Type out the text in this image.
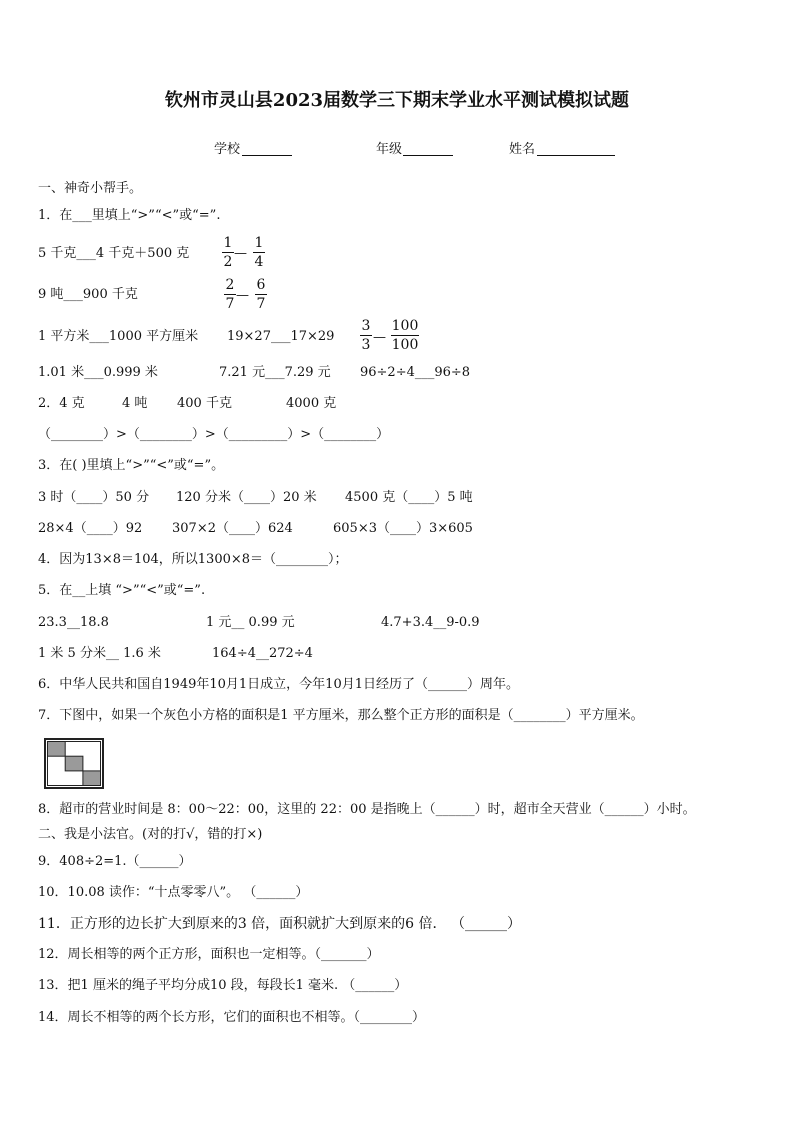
钦州市灵山县2023届数学三下期末学业水平测试模拟试题
学校	年级	姓名
一、神奇小帮手。
1．在___里填上“>”“<”或“=”.
5 千克___4 千克＋500 克
1
2
—
1
4
9 吨___900 千克
2
7
—
6
7
1 平方米___1000 平方厘米 19×27___17×29
3
3 —
100
100
1.01 米___0.999 米	7.21 元___7.29 元 96÷2÷4___96÷8
2．4 克	4 吨 400 千克	4000 克
（________）>（________）>（_________）>（________）
3．在( )里填上“>”“<”或“=”。
3 时（____）50 分 120 分米（____）20 米 4500 克（____）5 吨
28×4（____）92 307×2（____）624	605×3（____）3×605
4．因为13×8＝104，所以1300×8＝（________）；
5．在__上填 “>”“<”或“=”.
23.3__18.8	1 元__ 0.99 元	4.7+3.4__9-0.9
1 米 5 分米__ 1.6 米	164÷4__272÷4
6．中华人民共和国自1949年10月1日成立，今年10月1日经历了（______）周年。
7．下图中，如果一个灰色小方格的面积是1 平方厘米，那么整个正方形的面积是（________）平方厘米。
8．超市的营业时间是 8：00～22：00，这里的 22：00 是指晚上（______）时，超市全天营业（______）小时。
二、我是小法官。(对的打√，错的打×)
9．408÷2=1.（______）
10．10.08 读作：“十点零零八”。 （______）
11．正方形的边长扩大到原来的3 倍，面积就扩大到原来的6 倍． （______）
12．周长相等的两个正方形，面积也一定相等。（_______）
13．把1 厘米的绳子平均分成10 段，每段长1 毫米. （______）
14．周长不相等的两个长方形，它们的面积也不相等。（________）
